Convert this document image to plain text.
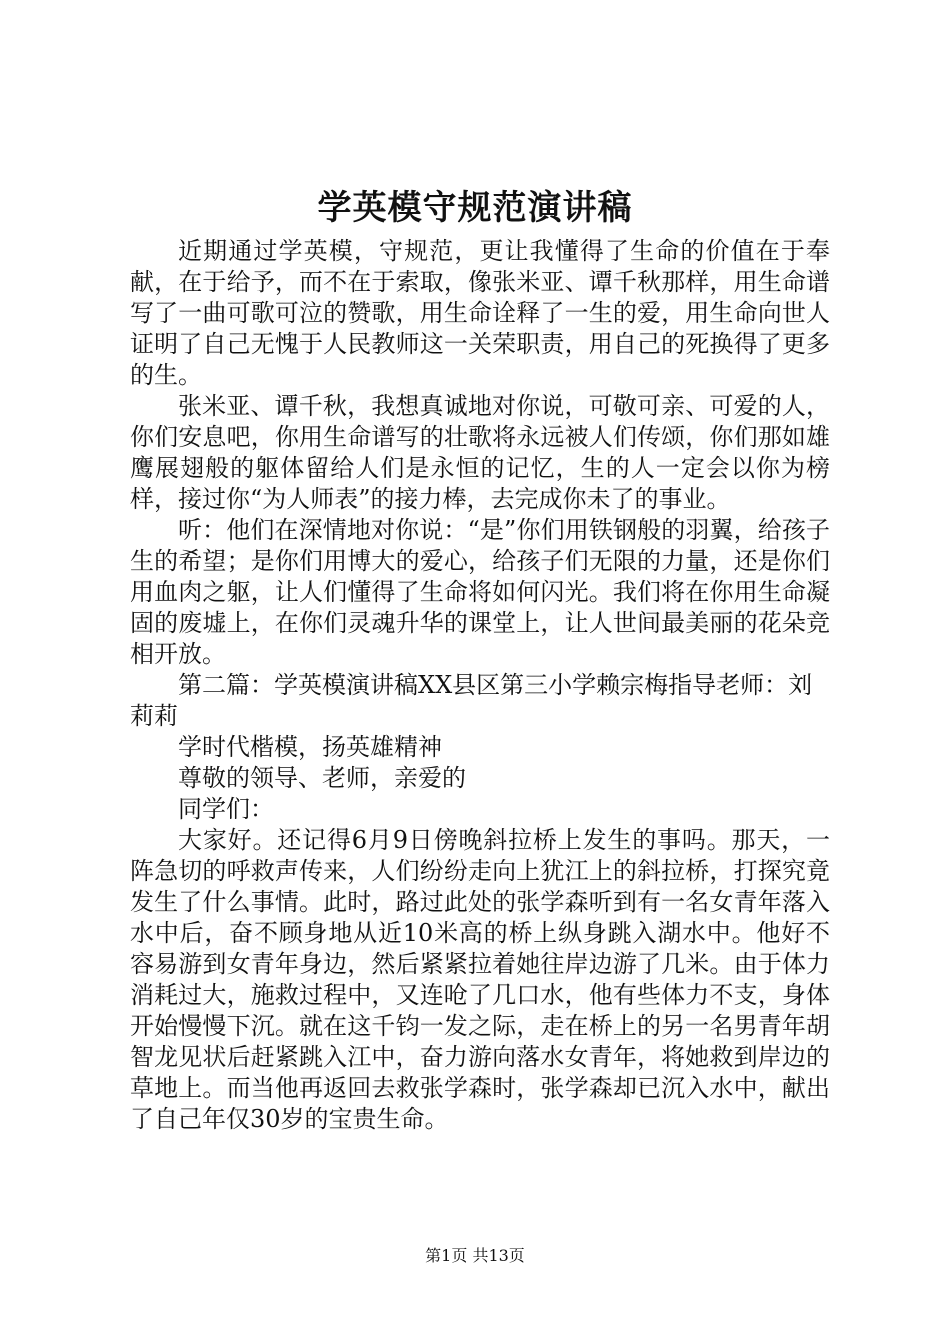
学英模守规范演讲稿

近期通过学英模，守规范，更让我懂得了生命的价值在于奉献，在于给予，而不在于索取，像张米亚、谭千秋那样，用生命谱写了一曲可歌可泣的赞歌，用生命诠释了一生的爱，用生命向世人证明了自己无愧于人民教师这一关荣职责，用自己的死换得了更多的生。

张米亚、谭千秋，我想真诚地对你说，可敬可亲、可爱的人，你们安息吧，你用生命谱写的壮歌将永远被人们传颂，你们那如雄鹰展翅般的躯体留给人们是永恒的记忆，生的人一定会以你为榜样，接过你“为人师表”的接力棒，去完成你未了的事业。

听：他们在深情地对你说：“是”你们用铁钢般的羽翼，给孩子生的希望；是你们用博大的爱心，给孩子们无限的力量，还是你们用血肉之躯，让人们懂得了生命将如何闪光。我们将在你用生命凝固的废墟上，在你们灵魂升华的课堂上，让人世间最美丽的花朵竞相开放。

第二篇：学英模演讲稿XX县区第三小学赖宗梅指导老师：刘莉莉

学时代楷模，扬英雄精神

尊敬的领导、老师，亲爱的

同学们：

大家好。还记得6月9日傍晚斜拉桥上发生的事吗。那天，一阵急切的呼救声传来，人们纷纷走向上犹江上的斜拉桥，打探究竟发生了什么事情。此时，路过此处的张学森听到有一名女青年落入水中后，奋不顾身地从近10米高的桥上纵身跳入湖水中。他好不容易游到女青年身边，然后紧紧拉着她往岸边游了几米。由于体力消耗过大，施救过程中，又连呛了几口水，他有些体力不支，身体开始慢慢下沉。就在这千钧一发之际，走在桥上的另一名男青年胡智龙见状后赶紧跳入江中，奋力游向落水女青年，将她救到岸边的草地上。而当他再返回去救张学森时，张学森却已沉入水中，献出了自己年仅30岁的宝贵生命。

第1页 共13页
